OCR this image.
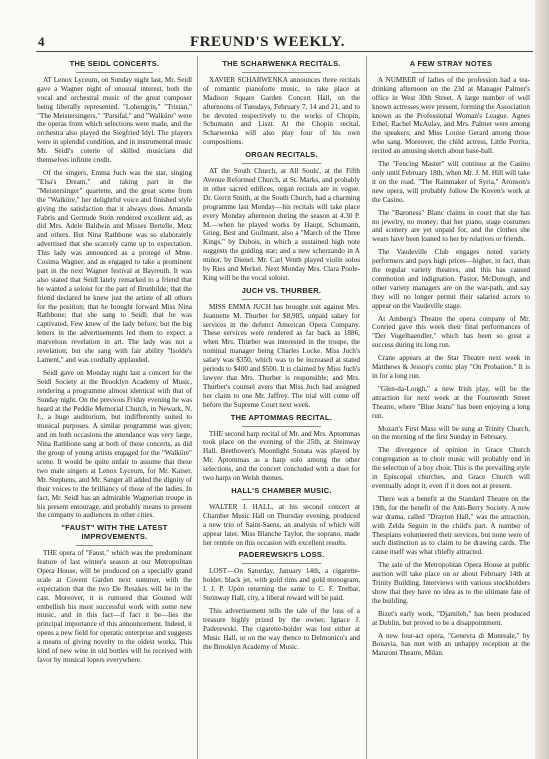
4	FREUND'S WEEKLY.
THE SEIDL CONCERTS.

AT Lenox Lyceum, on Sunday night last, Mr. Seidl gave a Wagner night of unusual interest, both the vocal and orchestral music of the great composer being liberally represented. "Lohengrin," "Tristan," "The Meistersingers," "Parsifal," and "Walküre" were the operas from which selections were made, and the orchestra also played the Siegfried Idyl. The players were in splendid condition, and in instrumental music Mr. Seidl's coterie of skilled musicians did themselves infinite credit.

Of the singers, Emma Juch was the star, singing "Elsa's Dream," and taking part in the "Meistersinger" quartette, and the great scene from the "Walküre," her delightful voice and finished style giving the satisfaction that it always does. Amanda Fabris and Gertrude Stein rendered excellent aid, as did Mrs. Adele Baldwin and Misses Bertelle, Metz and others. But Nina Rathbone was so elaborately advertised that she scarcely came up to expectation. This lady was announced as a protegé of Mme. Cosima Wagner, and as engaged to take a prominent part in the next Wagner festival at Bayreuth. It was also stated that Seidl lately remarked to a friend that he wanted a soloist for the part of Brunhilde; that the friend declared he knew just the artiste of all others for the position; that he brought forward Miss Nina Rathbone; that she sang to Seidl; that he was captivated. Few knew of the lady before; but the big letters in the advertisements led them to expect a marvelous revelation in art. The lady was not a revelation; but she sang with fair ability "Isolde's Lament," and was cordially applauded.

Seidl gave on Monday night last a concert for the Seidl Society at the Brooklyn Academy of Music, rendering a programme almost identical with that of Sunday night. On the previous Friday evening he was heard at the Peddie Memorial Church, in Newark, N. J., a huge auditorium, but indifferently suited to musical purposes. A similar programme was given; and on both occasions the attendance was very large, Nina Rathbone sang at both of these concerts, as did the group of young artists engaged for the "Walküre" scene. It would be quite unfair to assume that these two male singers at Lenox Lyceum, for Mr. Kaiser, Mr. Stephens, and Mr. Sanger all added the dignity of their voices to the brilliancy of those of the ladies. In fact, Mr. Seidl has an admirable Wagnerian troupe in his present entourage, and probably means to present the company to audiences in other cities.

"FAUST" WITH THE LATEST IMPROVEMENTS.

THE opera of "Faust," which was the predominant feature of last winter's season at our Metropolitan Opera House, will be produced on a specially grand scale at Covent Garden next summer, with the expectation that the two De Reszkes will be in the cast. Moreover, it is rumored that Gounod will embellish his most successful work with some new music, and in this fact—if fact it be—lies the principal importance of this announcement. Indeed, it opens a new field for operatic enterprise and suggests a means of giving novelty to the oldest works. This kind of new wine in old bottles will be received with favor by musical lopers everywhere.

THE SCHARWENKA RECITALS.

XAVIER SCHARWENKA announces three recitals of romantic pianoforte music, to take place at Madison Square Garden Concert Hall, on the afternoons of Tuesdays, February 7, 14 and 21, and to be devoted respectively to the works of Chopin, Schumann and Liszt. At the Chopin recital, Scharwenka will also play four of his own compositions.

ORGAN RECITALS.

AT the South Church, at All Souls', at the Fifth Avenue Reformed Church, at St. Marks, and probably in other sacred edifices, organ recitals are in vogue. Dr. Gerrit Smith, at the South Church, had a charming programme last Monday—his recitals will take place every Monday afternoon during the season at 4.30 P. M.—when he played works by Haupt, Schumann, Grieg, Best and Guilmant, also a "March of the Three Kings," by Dubois, in which a sustained high note suggests the guiding star; and a new scherzando in A minor, by Dienel. Mr. Carl Venth played violin solos by Ries and Merkel. Next Monday Mrs. Clara Poole-King will be the vocal soloist.

JUCH VS. THURBER.

MISS EMMA JUCH has brought suit against Mrs. Jeannette M. Thurber for $8,985, unpaid salary for services in the defunct American Opera Company. These services were rendered as far back as 1886, when Mrs. Thurber was interested in the troupe, the nominal manager being Charles Locke. Miss Juch's salary was $350, which was to be increased at stated periods to $400 and $500. It is claimed by Miss Juch's lawyer that Mrs. Thurber is responsible; and Mrs. Thurber's counsel avers that Miss Juch had assigned her claim to one Mr. Jaffrey. The trial will come off before the Supreme Court next week.

THE APTOMMAS RECITAL.

THE second harp recital of Mr. and Mrs. Aptommas took place on the evening of the 25th, at Steinway Hall. Beethoven's Moonlight Sonata was played by Mr. Aptommas as a harp solo among the other selections, and the concert concluded with a duet for two harps on Welsh themes.

HALL'S CHAMBER MUSIC.

WALTER J. HALL, at his second concert at Chamber Music Hall on Thursday evening, produced a new trio of Saint-Saens, an analysis of which will appear later. Miss Blanche Taylor, the soprano, made her rentrée on this occasion with excellent results.

PADEREWSKI'S LOSS.

LOST—On Saturday, January 14th, a cigarette-holder, black jet, with gold rims and gold monogram, I. J. P. Upon returning the same to C. F. Tretbar, Steinway Hall, city, a liberal reward will be paid.

This advertisement tells the tale of the loss of a treasure highly prized by the owner, Ignace J. Paderewski. The cigarette-holder was lost either at Music Hall, or on the way thence to Delmonico's and the Brooklyn Academy of Music.

A FEW STRAY NOTES

A NUMBER of ladies of the profession had a tea-drinking afternoon on the 23d at Manager Palmer's office in West 30th Street. A large number of well known actresses were present, forming the Association known as the Professional Woman's League. Agnes Ethel, Rachel McAulay, and Mrs. Palmer were among the speakers; and Miss Louise Gerard among those who sang. Moreover, the child actress, Little Perrita, recited an amusing sketch about base-ball.

The "Fencing Master" will continue at the Casino only until February 18th, when Mr. J. M. Hill will take it on the road. "The Rainmaker of Syria," Aronson's new opera, will probably follow De Koven's work at the Casino.

The "Baroness" Blanc claims in court that she has no jewelry, no money; that her piano, stage costumes and scenery are yet unpaid for, and the clothes she wears have been loaned to her by relatives or friends.

The Vaudeville Club engages noted variety performers and pays high prices—higher, in fact, than the regular variety theatres, and this has caused commotion and indignation. Pastor, McDonogh, and other variety managers are on the war-path, and say they will no longer permit their salaried actors to appear on the Vaudeville stage.

At Amberg's Theatre the opera company of Mr. Conried gave this week their final performances of "Der Vogelhaendler," which has been so great a success during its long run.

Crane appears at the Star Theatre next week in Matthews & Jessop's comic play "On Probation." It is in for a long run.

"Glen-da-Lough," a new Irish play, will be the attraction for next week at the Fourteenth Street Theatre, where "Blue Jeans" has been enjoying a long run.

Mozart's First Mass will be sung at Trinity Church, on the morning of the first Sunday in February.

The divergence of opinion in Grace Church congregation as to choir music will probably end in the selection of a boy choir. This is the prevailing style in Episcopal churches, and Grace Church will eventually adopt it, even if it does not at present.

There was a benefit at the Standard Theatre on the 19th, for the benefit of the Anti-Berry Society. A new war drama, called "Drayton Hall," was the attraction, with Zelda Seguin in the child's part. A number of Thespians volunteered their services, but none were of such distinction as to claim to be drawing cards. The cause itself was what chiefly attracted.

The sale of the Metropolitan Opera House at public auction will take place on or about February 14th at Trinity Building. Interviews with various stockholders show that they have no idea as to the ultimate fate of the building.

Bizet's early work, "Djamileh," has been produced at Dublin, but proved to be a disappointment.

A new four-act opera, "Genevra di Monreale," by Bonavia, has met with an unhappy reception at the Manzoni Theatre, Milan.
